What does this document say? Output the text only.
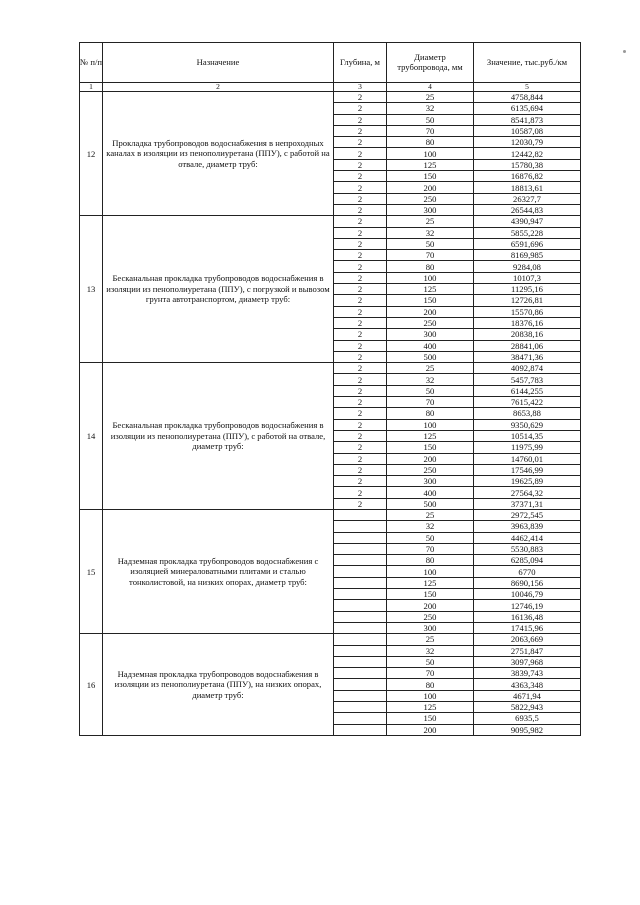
№ п/п	Назначение	Глубина, м	Диаметр трубопровода, мм	Значение, тыс.руб./км
1	2	3	4	5
12	Прокладка трубопроводов водоснабжения в непроходных каналах в изоляции из пенополиуретана (ППУ), с работой на отвале, диаметр труб:	2	25	4758,844
		2	32	6135,694
		2	50	8541,873
		2	70	10587,08
		2	80	12030,79
		2	100	12442,82
		2	125	15780,38
		2	150	16876,82
		2	200	18813,61
		2	250	26327,7
		2	300	26544,83
13	Бесканальная прокладка трубопроводов водоснабжения в изоляции из пенополиуретана (ППУ), с погрузкой и вывозом грунта автотранспортом, диаметр труб:	2	25	4390,947
		2	32	5855,228
		2	50	6591,696
		2	70	8169,985
		2	80	9284,08
		2	100	10107,3
		2	125	11295,16
		2	150	12726,81
		2	200	15570,86
		2	250	18376,16
		2	300	20838,16
		2	400	28841,06
		2	500	38471,36
14	Бесканальная прокладка трубопроводов водоснабжения в изоляции из пенополиуретана (ППУ), с работой на отвале, диаметр труб:	2	25	4092,874
		2	32	5457,783
		2	50	6144,255
		2	70	7615,422
		2	80	8653,88
		2	100	9350,629
		2	125	10514,35
		2	150	11975,99
		2	200	14760,01
		2	250	17546,99
		2	300	19625,89
		2	400	27564,32
		2	500	37371,31
15	Надземная прокладка трубопроводов водоснабжения с изоляцией минераловатными плитами и сталью тонколистовой, на низких опорах, диаметр труб:		25	2972,545
			32	3963,839
			50	4462,414
			70	5530,883
			80	6285,094
			100	6770
			125	8690,156
			150	10046,79
			200	12746,19
			250	16136,48
			300	17415,96
16	Надземная прокладка трубопроводов водоснабжения в изоляции из пенополиуретана (ППУ), на низких опорах, диаметр труб:		25	2063,669
			32	2751,847
			50	3097,968
			70	3839,743
			80	4363,348
			100	4671,94
			125	5822,943
			150	6935,5
			200	9095,982
